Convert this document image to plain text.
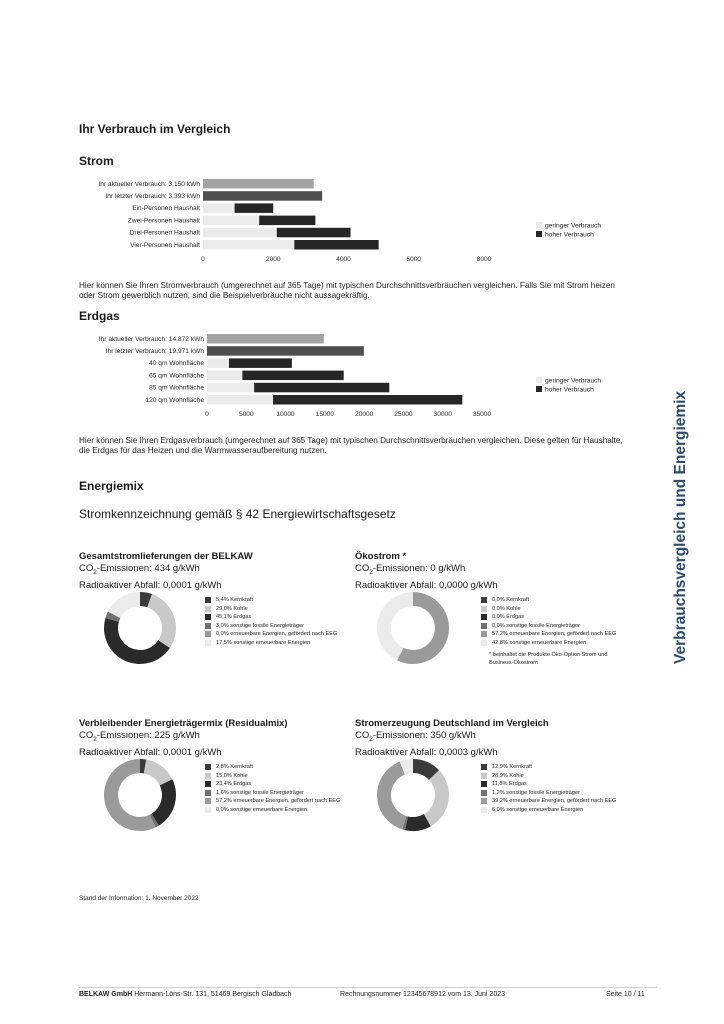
Ihr Verbrauch im Vergleich
Strom
Ihr aktueller Verbrauch: 3.150 kWh
Ihr letzter Verbrauch: 3.393 kWh
Ein-Personen Haushalt
Zwei-Personen Haushalt
Drei-Personen Haushalt
Vier-Personen Haushalt
0	2000	4000	6000	8000
geringer Verbrauch
hoher Verbrauch
Hier können Sie Ihren Stromverbrauch (umgerechnet auf 365 Tage) mit typischen Durchschnittsverbräuchen vergleichen. Falls Sie mit Strom heizen
oder Strom gewerblich nutzen, sind die Beispielverbräuche nicht aussagekräftig.
Erdgas
Ihr aktueller Verbrauch: 14.872 kWh
Ihr letzter Verbrauch: 19.971 kWh
40 qm Wohnfläche
65 qm Wohnfläche
85 qm Wohnfläche
120 qm Wohnfläche
0	5000	10000	15000	20000	25000	30000	35000
geringer Verbrauch
hoher Verbrauch
Hier können Sie Ihren Erdgasverbrauch (umgerechnet auf 365 Tage) mit typischen Durchschnittsverbräuchen vergleichen. Diese gelten für Haushalte,
die Erdgas für das Heizen und die Warmwasseraufbereitung nutzen.
Energiemix
Stromkennzeichnung gemäß § 42 Energiewirtschaftsgesetz
Gesamtstromlieferungen der BELKAW
$CO_2$-Emissionen: 434 g/kWh
Radioaktiver Abfall: 0,0001 g/kWh
5,4% Kernkraft
29,0% Kohle
45,1% Erdgas
3,0% sonstige fossile Energieträger
0,0% erneuerbare Energien, gefördert nach EEG
17,5% sonstige erneuerbare Energien
Ökostrom *
$CO_2$-Emissionen: 0 g/kWh
Radioaktiver Abfall: 0,0000 g/kWh
0,0% Kernkraft
0,0% Kohle
0,0% Erdgas
0,0% sonstige fossile Energieträger
57,2% erneuerbare Energien, gefördert nach EEG
42,8% sonstige erneuerbare Energien
* beinhaltet die Produkte Öko-Option Strom und
Business-Ökostrom
Verbleibender Energieträgermix (Residualmix)
$CO_2$-Emissionen: 225 g/kWh
Radioaktiver Abfall: 0,0001 g/kWh
2,8% Kernkraft
15,0% Kohle
23,4% Erdgas
1,6% sonstige fossile Energieträger
57,2% erneuerbare Energien, gefördert nach EEG
0,0% sonstige erneuerbare Energien
Stromerzeugung Deutschland im Vergleich
$CO_2$-Emissionen: 350 g/kWh
Radioaktiver Abfall: 0,0003 g/kWh
12,9% Kernkraft
28,9% Kohle
11,8% Erdgas
1,2% sonstige fossile Energieträger
39,2% erneuerbare Energien, gefördert nach EEG
6,0% sonstige erneuerbare Energien
Stand der Information: 1. November 2022
BELKAW GmbH Hermann-Löns-Str. 131, 51469 Bergisch Gladbach	Rechnungsnummer 12345678912 vom 13. Juni 2023	Seite 10 / 11
Verbrauchsvergleich und Energiemix
